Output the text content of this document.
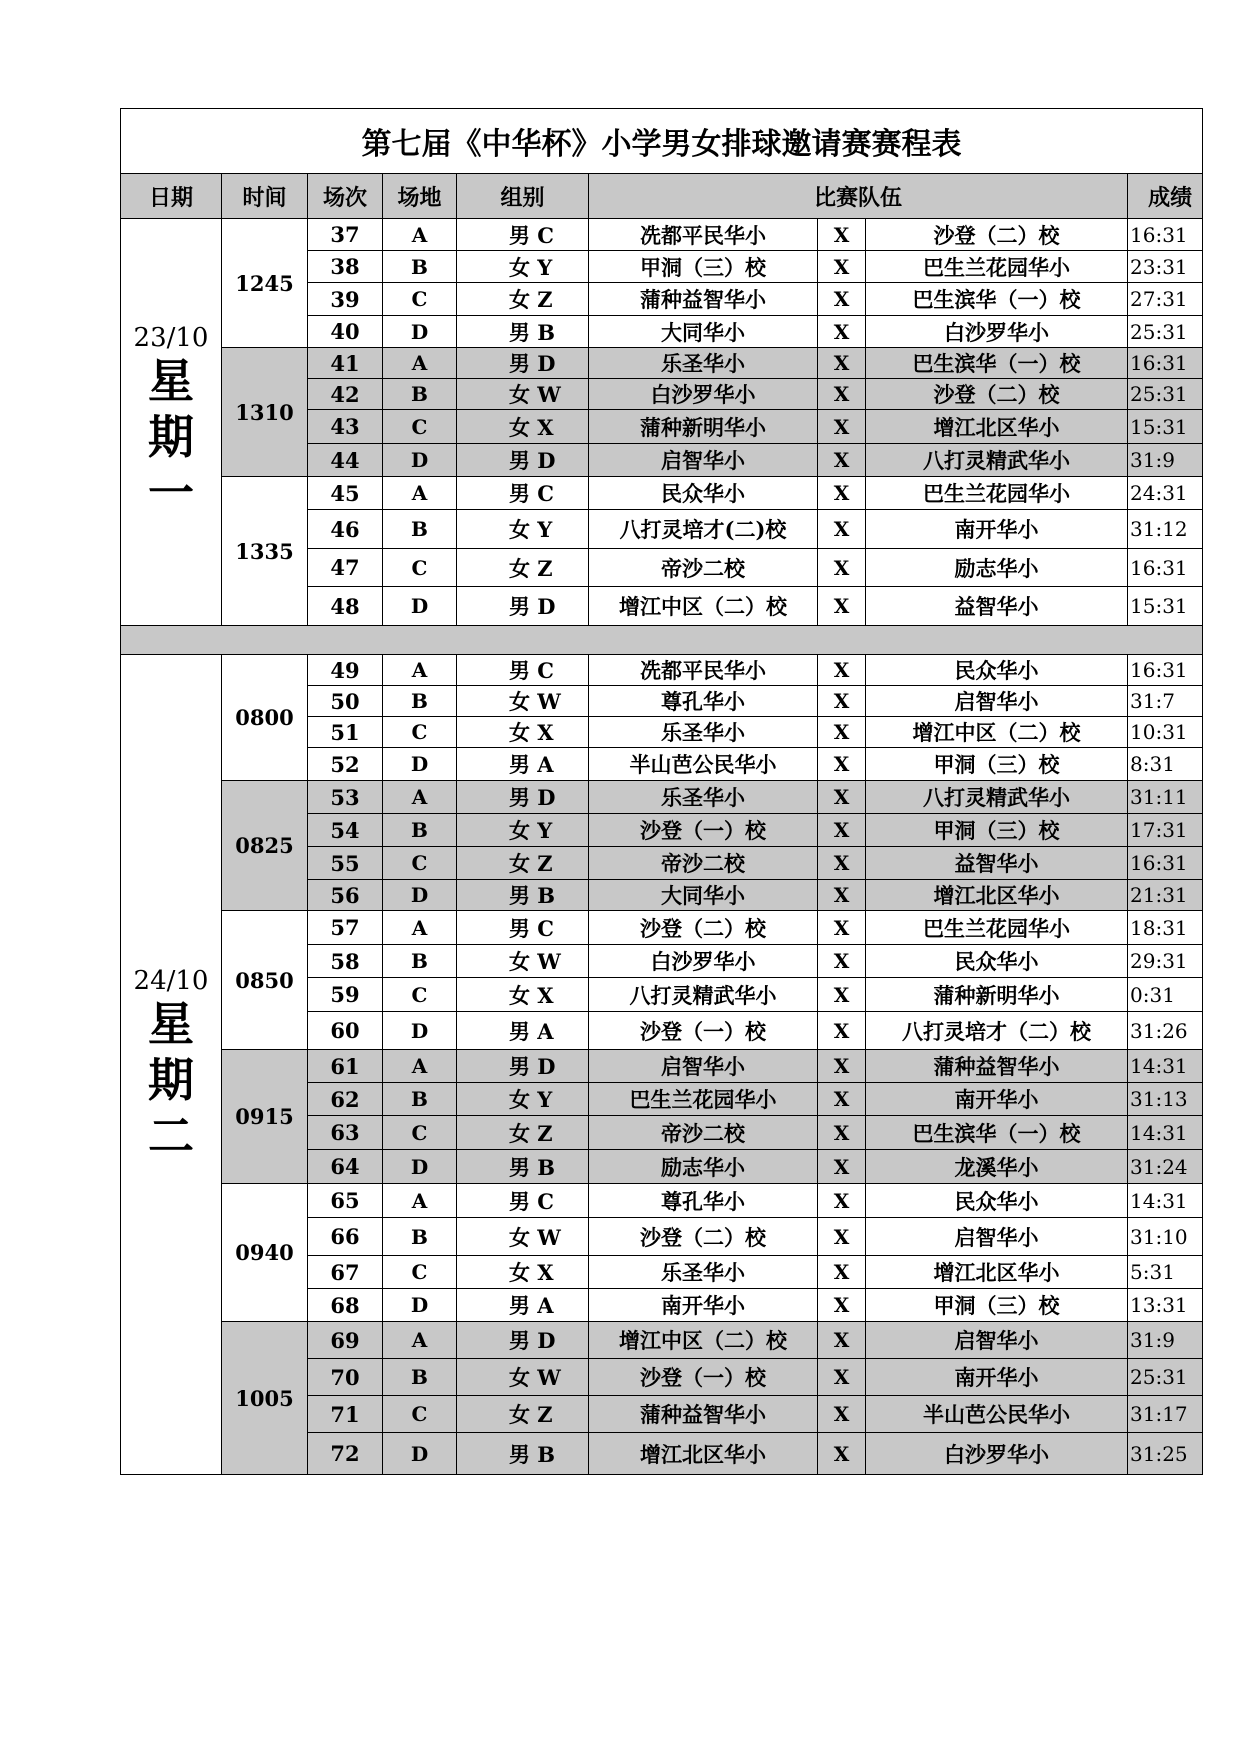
第七届《中华杯》小学男女排球邀请赛赛程表								
日期	时间	场次	场地	组别	比赛队伍			成绩

23/10
星
期
一	1245	37	A	男 C	冼都平民华小	X	沙登（二）校	16:31
		38	B	女 Y	甲洞（三）校	X	巴生兰花园华小	23:31
		39	C	女 Z	蒲种益智华小	X	巴生滨华（一）校	27:31
		40	D	男 B	大同华小	X	白沙罗华小	25:31
	1310	41	A	男 D	乐圣华小	X	巴生滨华（一）校	16:31
		42	B	女 W	白沙罗华小	X	沙登（二）校	25:31
		43	C	女 X	蒲种新明华小	X	增江北区华小	15:31
		44	D	男 D	启智华小	X	八打灵精武华小	31:9
	1335	45	A	男 C	民众华小	X	巴生兰花园华小	24:31
		46	B	女 Y	八打灵培才(二)校	X	南开华小	31:12
		47	C	女 Z	帝沙二校	X	励志华小	16:31
		48	D	男 D	增江中区（二）校	X	益智华小	15:31

24/10
星
期
二	0800	49	A	男 C	冼都平民华小	X	民众华小	16:31
		50	B	女 W	尊孔华小	X	启智华小	31:7
		51	C	女 X	乐圣华小	X	增江中区（二）校	10:31
		52	D	男 A	半山芭公民华小	X	甲洞（三）校	8:31
	0825	53	A	男 D	乐圣华小	X	八打灵精武华小	31:11
		54	B	女 Y	沙登（一）校	X	甲洞（三）校	17:31
		55	C	女 Z	帝沙二校	X	益智华小	16:31
		56	D	男 B	大同华小	X	增江北区华小	21:31
	0850	57	A	男 C	沙登（二）校	X	巴生兰花园华小	18:31
		58	B	女 W	白沙罗华小	X	民众华小	29:31
		59	C	女 X	八打灵精武华小	X	蒲种新明华小	0:31
		60	D	男 A	沙登（一）校	X	八打灵培才（二）校	31:26
	0915	61	A	男 D	启智华小	X	蒲种益智华小	14:31
		62	B	女 Y	巴生兰花园华小	X	南开华小	31:13
		63	C	女 Z	帝沙二校	X	巴生滨华（一）校	14:31
		64	D	男 B	励志华小	X	龙溪华小	31:24
	0940	65	A	男 C	尊孔华小	X	民众华小	14:31
		66	B	女 W	沙登（二）校	X	启智华小	31:10
		67	C	女 X	乐圣华小	X	增江北区华小	5:31
		68	D	男 A	南开华小	X	甲洞（三）校	13:31
	1005	69	A	男 D	增江中区（二）校	X	启智华小	31:9
		70	B	女 W	沙登（一）校	X	南开华小	25:31
		71	C	女 Z	蒲种益智华小	X	半山芭公民华小	31:17
		72	D	男 B	增江北区华小	X	白沙罗华小	31:25
